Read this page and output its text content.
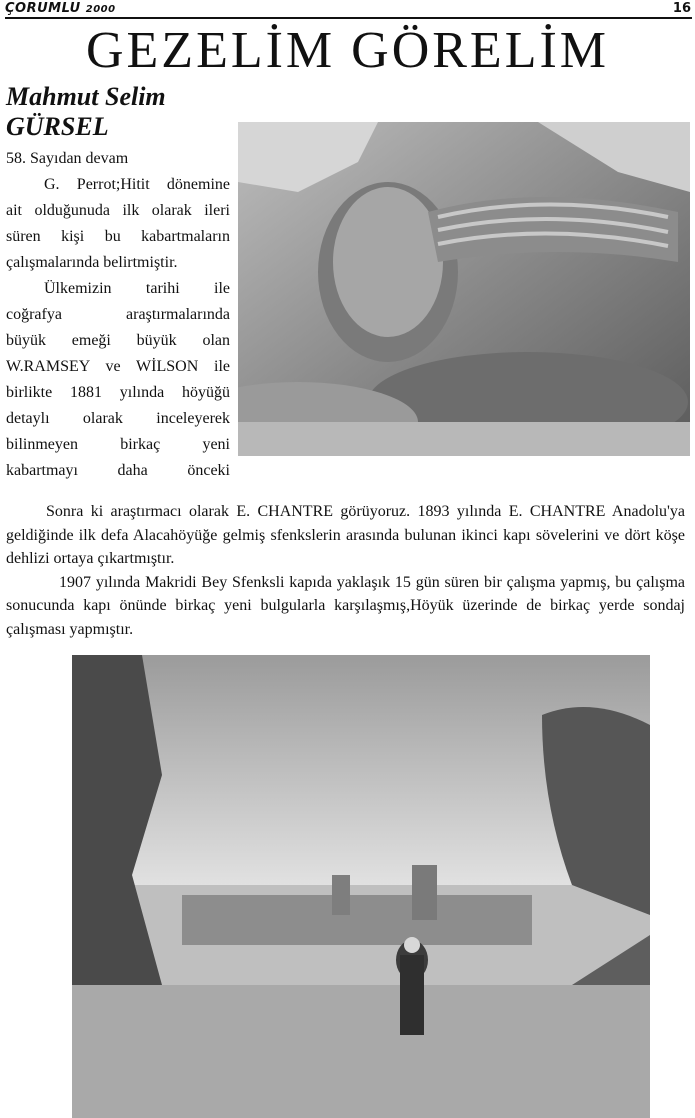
ÇORUMLU 2000	16
GEZELİM GÖRELİM
Mahmut Selim
GÜRSEL

58. Sayıdan devam

G. Perrot;Hitit dönemine

ait olduğunuda ilk olarak ileri

süren kişi bu kabartmaların

çalışmalarında belirtmiştir.

Ülkemizin tarihi ile

coğrafya araştırmalarında

büyük emeği büyük olan

W.RAMSEY ve WİLSON ile

birlikte 1881 yılında höyüğü

detaylı olarak inceleyerek

bilinmeyen birkaç yeni

kabartmayı daha önceki

Sonra ki araştırmacı olarak E. CHANTRE görüyoruz. 1893 yılında E. CHANTRE Anadolu'ya geldiğinde ilk defa Alacahöyüğe gelmiş sfenkslerin arasında bulunan ikinci kapı sövelerini ve dört köşe dehlizi ortaya çıkartmıştır.

1907 yılında Makridi Bey Sfenksli kapıda yaklaşık 15 gün süren bir çalışma yapmış, bu çalışma sonucunda kapı önünde birkaç yeni bulgularla karşılaşmış,Höyük üzerinde de birkaç yerde sondaj çalışması yapmıştır.
